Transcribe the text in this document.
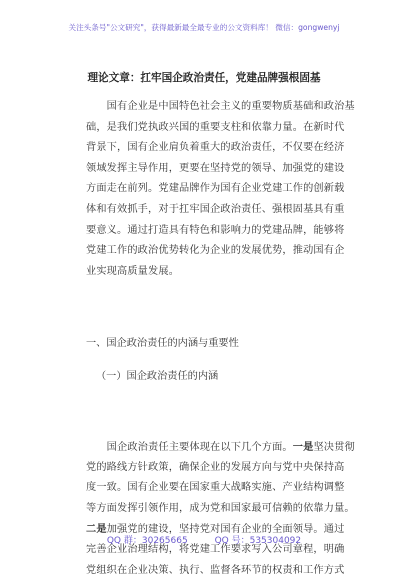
关注头条号"公文研究"，获得最新最全最专业的公文资料库！ 微信：gongwenyj
理论文章：扛牢国企政治责任，党建品牌强根固基
　　国有企业是中国特色社会主义的重要物质基础和政治基
础，是我们党执政兴国的重要支柱和依靠力量。在新时代
背景下，国有企业肩负着重大的政治责任，不仅要在经济
领域发挥主导作用，更要在坚持党的领导、加强党的建设
方面走在前列。党建品牌作为国有企业党建工作的创新载
体和有效抓手，对于扛牢国企政治责任、强根固基具有重
要意义。通过打造具有特色和影响力的党建品牌，能够将
党建工作的政治优势转化为企业的发展优势，推动国有企
业实现高质量发展。
一、国企政治责任的内涵与重要性
（一）国企政治责任的内涵
　　国企政治责任主要体现在以下几个方面。一是坚决贯彻
党的路线方针政策，确保企业的发展方向与党中央保持高
度一致。国有企业要在国家重大战略实施、产业结构调整
等方面发挥引领作用，成为党和国家最可信赖的依靠力量。
二是加强党的建设，坚持党对国有企业的全面领导。通过
完善企业治理结构，将党建工作要求写入公司章程，明确
党组织在企业决策、执行、监督各环节的权责和工作方式
QQ 群：30265665	QQ 号：535304092
